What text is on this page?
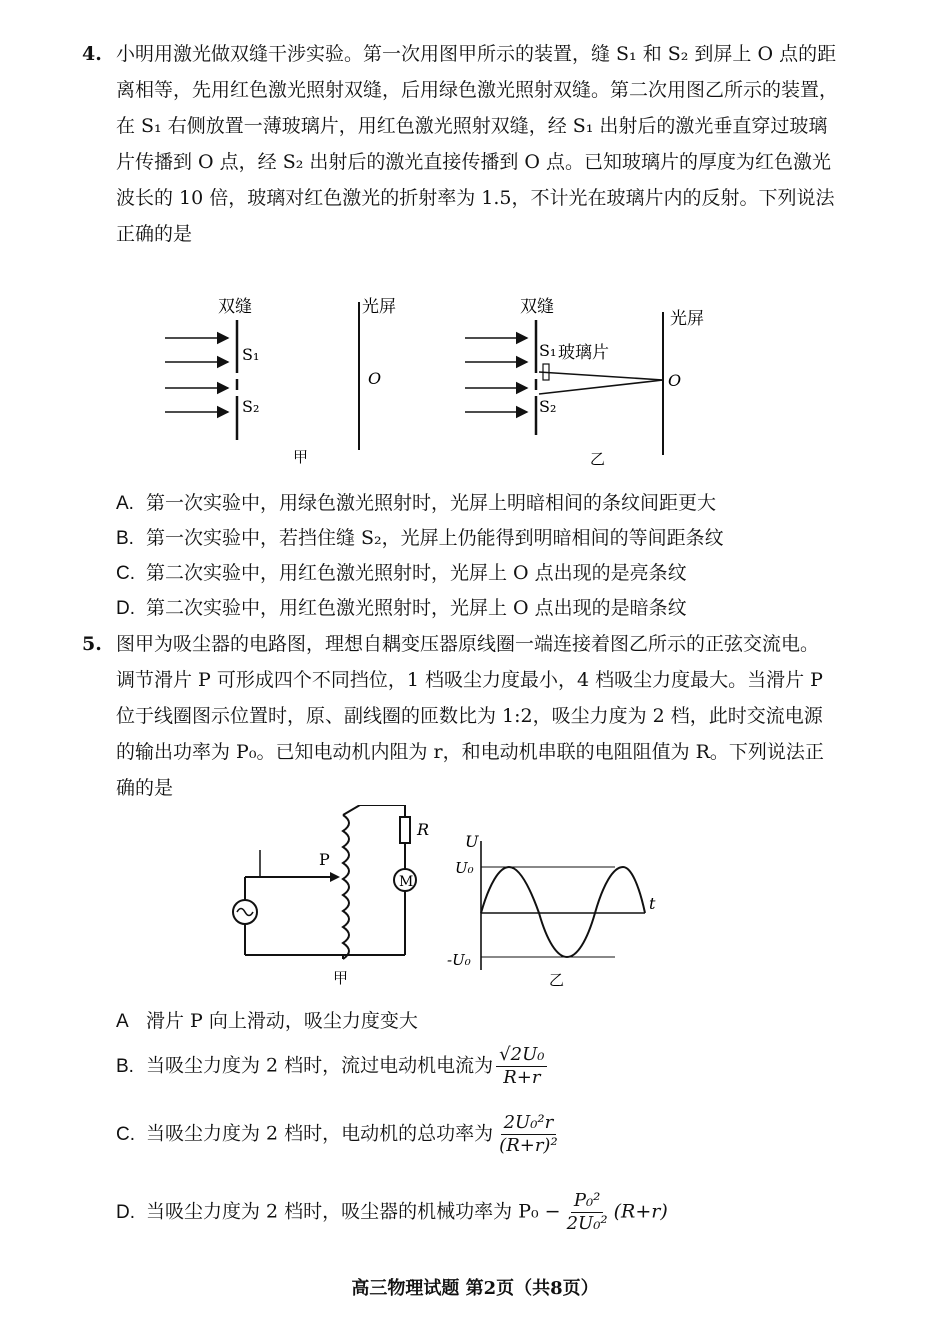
4. 小明用激光做双缝干涉实验。第一次用图甲所示的装置，缝 S₁ 和 S₂ 到屏上 O 点的距
离相等，先用红色激光照射双缝，后用绿色激光照射双缝。第二次用图乙所示的装置，
在 S₁ 右侧放置一薄玻璃片，用红色激光照射双缝，经 S₁ 出射后的激光垂直穿过玻璃
片传播到 O 点，经 S₂ 出射后的激光直接传播到 O 点。已知玻璃片的厚度为红色激光
波长的 10 倍，玻璃对红色激光的折射率为 1.5，不计光在玻璃片内的反射。下列说法
正确的是
双缝
S₁
S₂
光屏
O
甲
双缝
S₁ 玻璃片
S₂
光屏
O
乙
A. 第一次实验中，用绿色激光照射时，光屏上明暗相间的条纹间距更大
B. 第一次实验中，若挡住缝 S₂，光屏上仍能得到明暗相间的等间距条纹
C. 第二次实验中，用红色激光照射时，光屏上 O 点出现的是亮条纹
D. 第二次实验中，用红色激光照射时，光屏上 O 点出现的是暗条纹
5. 图甲为吸尘器的电路图，理想自耦变压器原线圈一端连接着图乙所示的正弦交流电。
调节滑片 P 可形成四个不同挡位，1 档吸尘力度最小，4 档吸尘力度最大。当滑片 P
位于线圈图示位置时，原、副线圈的匝数比为 1:2，吸尘力度为 2 档，此时交流电源
的输出功率为 P₀。已知电动机内阻为 r，和电动机串联的电阻阻值为 R。下列说法正
确的是
P
R
M
甲
U
t
U₀
-U₀
乙
A 滑片 P 向上滑动，吸尘力度变大
B. 当吸尘力度为 2 档时，流过电动机电流为 $\frac{\text{√2U₀}}{R+r}$
C. 当吸尘力度为 2 档时，电动机的总功率为 $\frac{\text{2U₀²r}}{\text{(R+r)²}}$
D. 当吸尘力度为 2 档时，吸尘器的机械功率为 $P_0 - \frac{\text{P₀²}}{\text{2U₀²}} (R+r)$
高三物理试题 第2页（共8页）
